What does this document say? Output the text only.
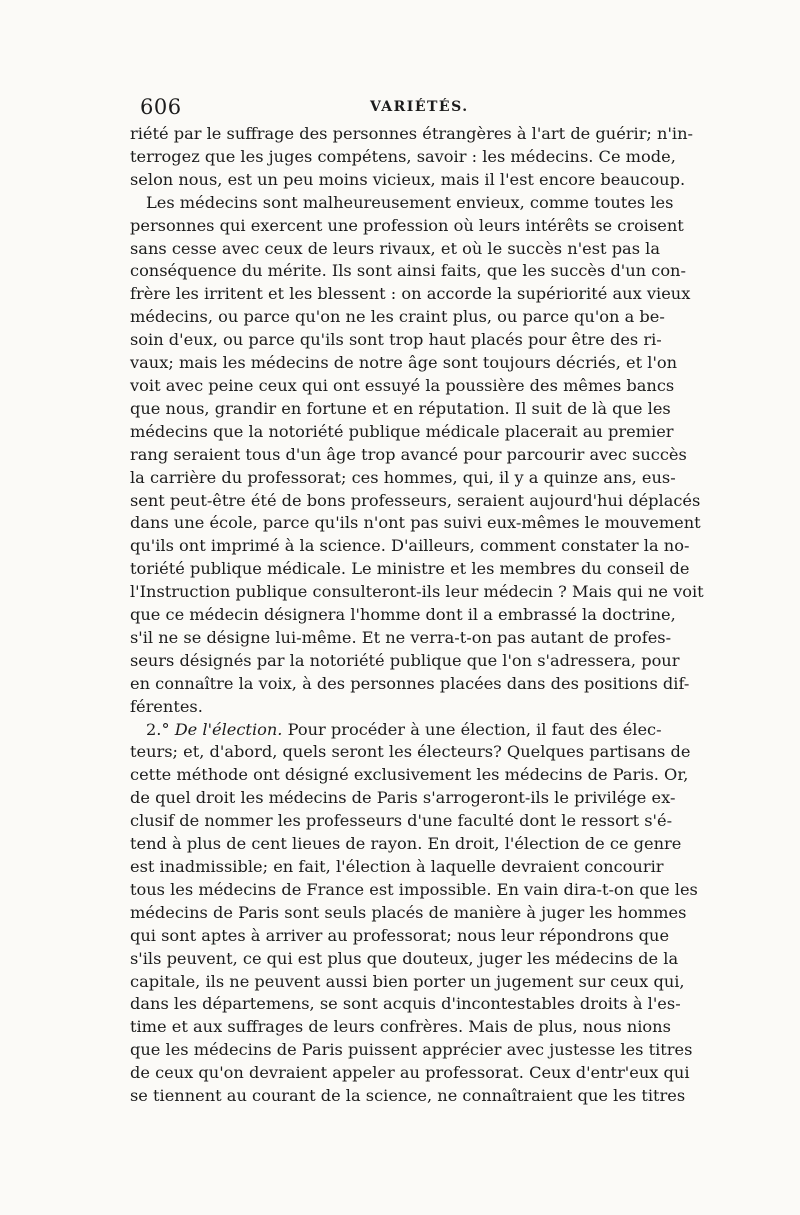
606	VARIÉTÉS.
riété par le suffrage des personnes étrangères à l'art de guérir; n'in-
terrogez que les juges compétens, savoir : les médecins. Ce mode,
selon nous, est un peu moins vicieux, mais il l'est encore beaucoup.
Les médecins sont malheureusement envieux, comme toutes les
personnes qui exercent une profession où leurs intérêts se croisent
sans cesse avec ceux de leurs rivaux, et où le succès n'est pas la
conséquence du mérite. Ils sont ainsi faits, que les succès d'un con-
frère les irritent et les blessent : on accorde la supériorité aux vieux
médecins, ou parce qu'on ne les craint plus, ou parce qu'on a be-
soin d'eux, ou parce qu'ils sont trop haut placés pour être des ri-
vaux; mais les médecins de notre âge sont toujours décriés, et l'on
voit avec peine ceux qui ont essuyé la poussière des mêmes bancs
que nous, grandir en fortune et en réputation. Il suit de là que les
médecins que la notoriété publique médicale placerait au premier
rang seraient tous d'un âge trop avancé pour parcourir avec succès
la carrière du professorat; ces hommes, qui, il y a quinze ans, eus-
sent peut-être été de bons professeurs, seraient aujourd'hui déplacés
dans une école, parce qu'ils n'ont pas suivi eux-mêmes le mouvement
qu'ils ont imprimé à la science. D'ailleurs, comment constater la no-
toriété publique médicale. Le ministre et les membres du conseil de
l'Instruction publique consulteront-ils leur médecin ? Mais qui ne voit
que ce médecin désignera l'homme dont il a embrassé la doctrine,
s'il ne se désigne lui-même. Et ne verra-t-on pas autant de profes-
seurs désignés par la notoriété publique que l'on s'adressera, pour
en connaître la voix, à des personnes placées dans des positions dif-
férentes.
2.° De l'élection. Pour procéder à une élection, il faut des élec-
teurs; et, d'abord, quels seront les électeurs? Quelques partisans de
cette méthode ont désigné exclusivement les médecins de Paris. Or,
de quel droit les médecins de Paris s'arrogeront-ils le privilége ex-
clusif de nommer les professeurs d'une faculté dont le ressort s'é-
tend à plus de cent lieues de rayon. En droit, l'élection de ce genre
est inadmissible; en fait, l'élection à laquelle devraient concourir
tous les médecins de France est impossible. En vain dira-t-on que les
médecins de Paris sont seuls placés de manière à juger les hommes
qui sont aptes à arriver au professorat; nous leur répondrons que
s'ils peuvent, ce qui est plus que douteux, juger les médecins de la
capitale, ils ne peuvent aussi bien porter un jugement sur ceux qui,
dans les départemens, se sont acquis d'incontestables droits à l'es-
time et aux suffrages de leurs confrères. Mais de plus, nous nions
que les médecins de Paris puissent apprécier avec justesse les titres
de ceux qu'on devraient appeler au professorat. Ceux d'entr'eux qui
se tiennent au courant de la science, ne connaîtraient que les titres
